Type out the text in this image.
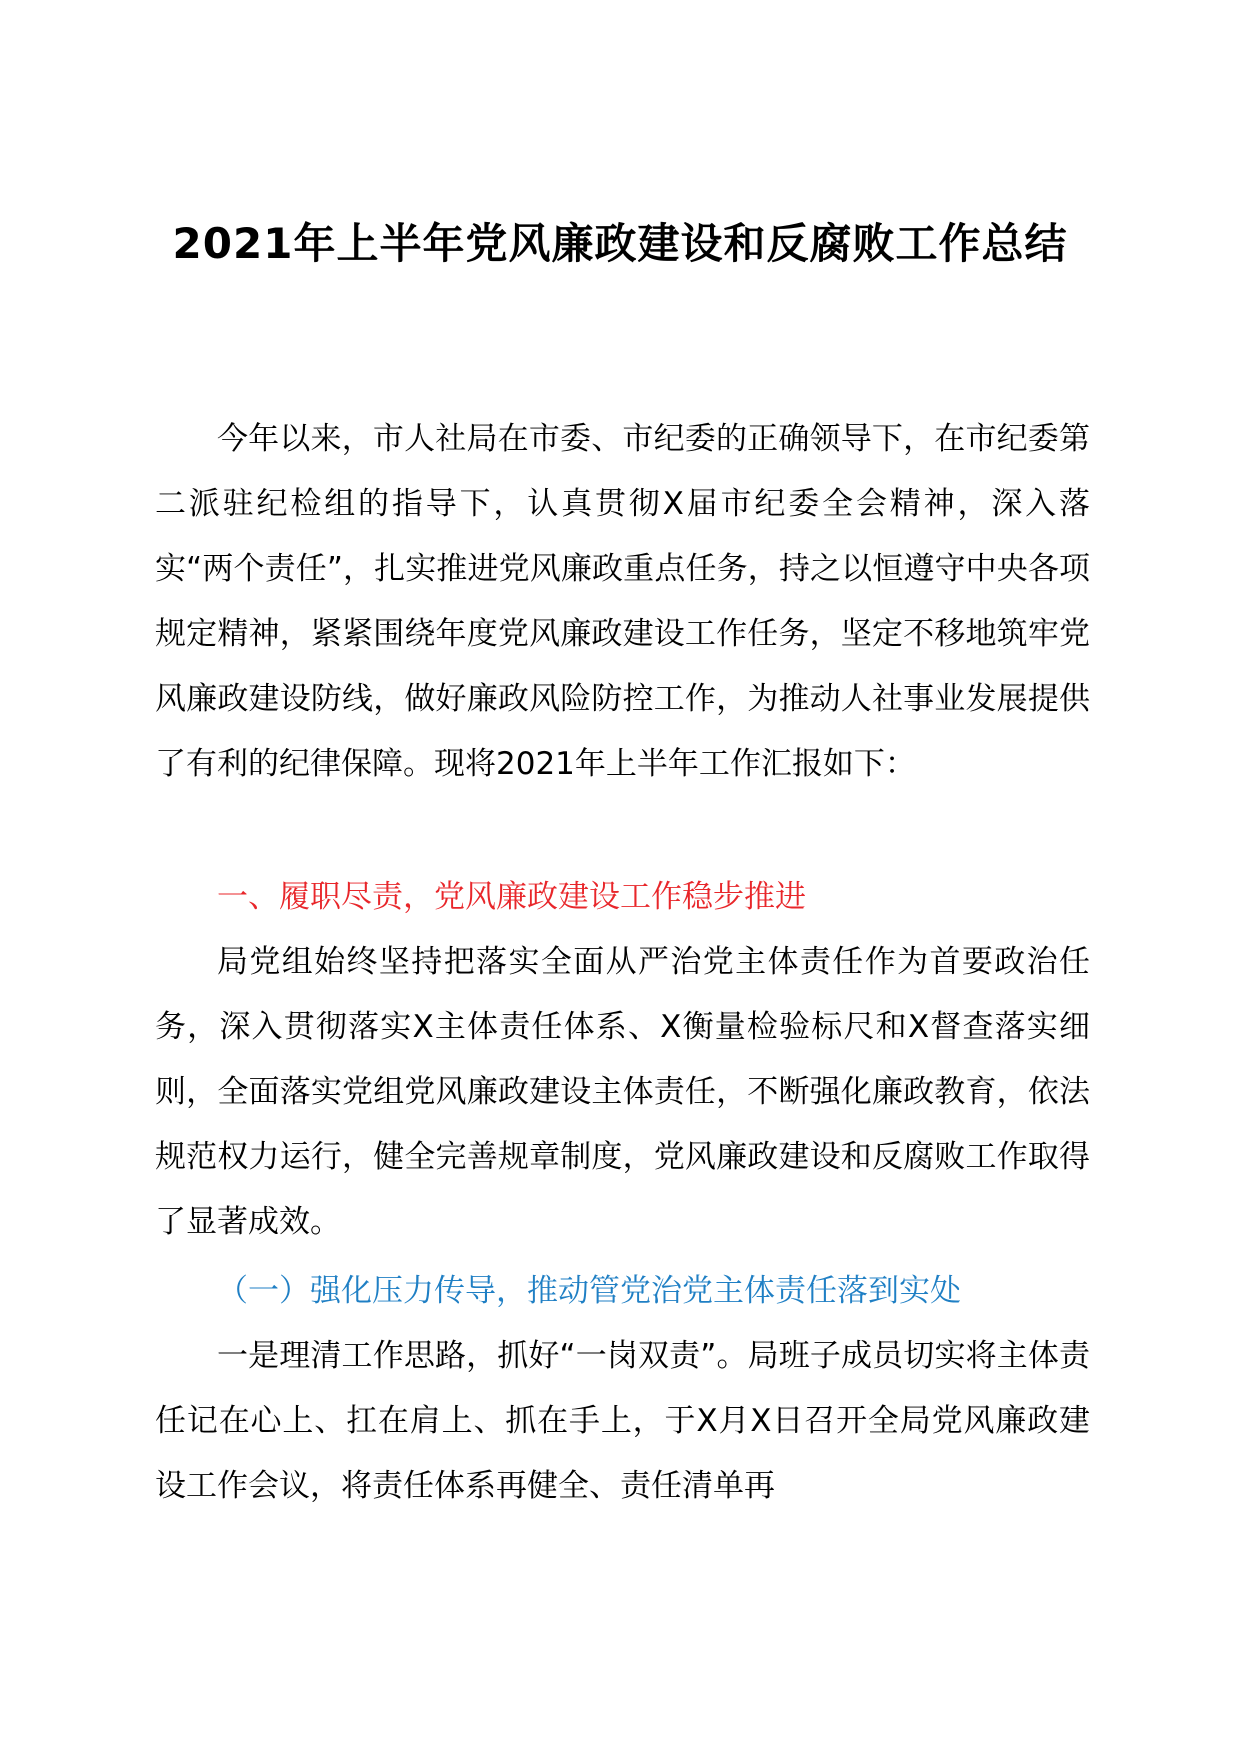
2021年上半年党风廉政建设和反腐败工作总结

今年以来，市人社局在市委、市纪委的正确领导下，在市纪委第二派驻纪检组的指导下，认真贯彻X届市纪委全会精神，深入落实“两个责任”，扎实推进党风廉政重点任务，持之以恒遵守中央各项规定精神，紧紧围绕年度党风廉政建设工作任务，坚定不移地筑牢党风廉政建设防线，做好廉政风险防控工作，为推动人社事业发展提供了有利的纪律保障。现将2021年上半年工作汇报如下：

一、履职尽责，党风廉政建设工作稳步推进

局党组始终坚持把落实全面从严治党主体责任作为首要政治任务，深入贯彻落实X主体责任体系、X衡量检验标尺和X督查落实细则，全面落实党组党风廉政建设主体责任，不断强化廉政教育，依法规范权力运行，健全完善规章制度，党风廉政建设和反腐败工作取得了显著成效。

（一）强化压力传导，推动管党治党主体责任落到实处

一是理清工作思路，抓好“一岗双责”。局班子成员切实将主体责任记在心上、扛在肩上、抓在手上，于X月X日召开全局党风廉政建设工作会议，将责任体系再健全、责任清单再
